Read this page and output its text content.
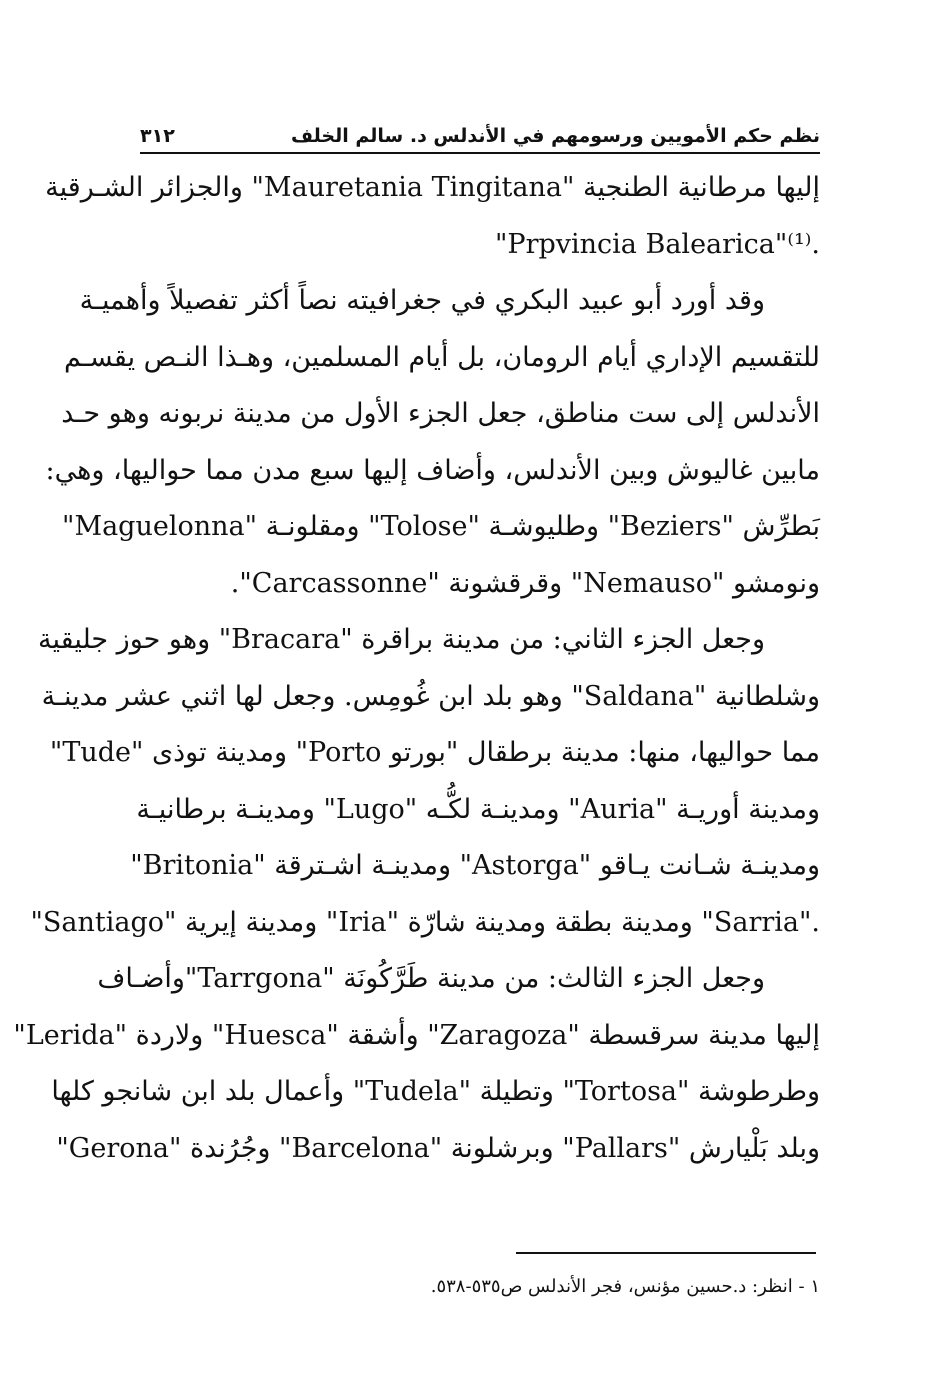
٣١٢	نظم حكم الأمويين ورسومهم في الأندلس د. سالم الخلف
إليها مرطانية الطنجية "Mauretania Tingitana" والجزائر الشـرقية
"Prpvincia Balearica"⁽¹⁾.
وقد أورد أبو عبيد البكري في جغرافيته نصاً أكثر تفصيلاً وأهميـة
للتقسيم الإداري أيام الرومان، بل أيام المسلمين، وهـذا النـص يقسـم
الأندلس إلى ست مناطق، جعل الجزء الأول من مدينة نربونه وهو حـد
مابين غاليوش وبين الأندلس، وأضاف إليها سبع مدن مما حواليها، وهي:
بَطرِّش "Beziers" وطليوشـة "Tolose" ومقلونـة "Maguelonna"
ونومشو "Nemauso" وقرقشونة "Carcassonne".
وجعل الجزء الثاني: من مدينة براقرة "Bracara" وهو حوز جليقية
وشلطانية "Saldana" وهو بلد ابن غُومِس. وجعل لها اثني عشر مدينـة
مما حواليها، منها: مدينة برطقال "بورتو Porto" ومدينة توذى "Tude"
ومدينة أوريـة "Auria" ومدينـة لكُّـه "Lugo" ومدينـة برطانيـة
"Britonia" ومدينـة اشـترقة "Astorga" ومدينـة شـانت يـاقو
"Santiago" ومدينة إيرية "Iria" ومدينة بطقة ومدينة شارّة "Sarria".
وجعل الجزء الثالث: من مدينة طَرَّكُونَة "Tarrgona"وأضـاف
إليها مدينة سرقسطة "Zaragoza" وأشقة "Huesca" ولاردة "Lerida"
وطرطوشة "Tortosa" وتطيلة "Tudela" وأعمال بلد ابن شانجو كلها
وبلد بَلْيارش "Pallars" وبرشلونة "Barcelona" وجُرُندة "Gerona"
١ - انظر: د.حسين مؤنس، فجر الأندلس ص٥٣٥-٥٣٨.
